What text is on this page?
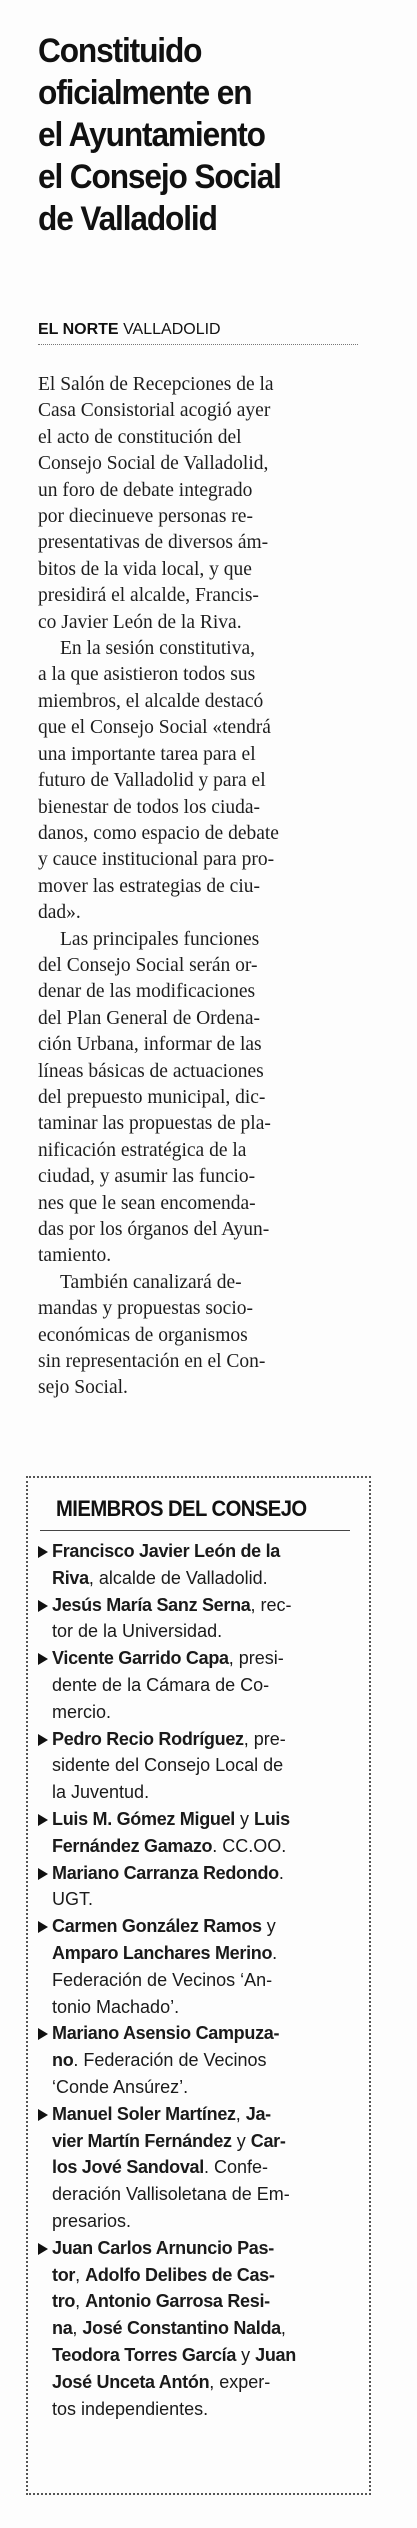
Constituido
oficialmente en
el Ayuntamiento
el Consejo Social
de Valladolid
EL NORTE VALLADOLID
El Salón de Recepciones de la
Casa Consistorial acogió ayer
el acto de constitución del
Consejo Social de Valladolid,
un foro de debate integrado
por diecinueve personas re-
presentativas de diversos ám-
bitos de la vida local, y que
presidirá el alcalde, Francis-
co Javier León de la Riva.
En la sesión constitutiva,
a la que asistieron todos sus
miembros, el alcalde destacó
que el Consejo Social «tendrá
una importante tarea para el
futuro de Valladolid y para el
bienestar de todos los ciuda-
danos, como espacio de debate
y cauce institucional para pro-
mover las estrategias de ciu-
dad».
Las principales funciones
del Consejo Social serán or-
denar de las modificaciones
del Plan General de Ordena-
ción Urbana, informar de las
líneas básicas de actuaciones
del prepuesto municipal, dic-
taminar las propuestas de pla-
nificación estratégica de la
ciudad, y asumir las funcio-
nes que le sean encomenda-
das por los órganos del Ayun-
tamiento.
También canalizará de-
mandas y propuestas socio-
económicas de organismos
sin representación en el Con-
sejo Social.
MIEMBROS DEL CONSEJO
Francisco Javier León de la
Riva, alcalde de Valladolid.
Jesús María Sanz Serna, rec-
tor de la Universidad.
Vicente Garrido Capa, presi-
dente de la Cámara de Co-
mercio.
Pedro Recio Rodríguez, pre-
sidente del Consejo Local de
la Juventud.
Luis M. Gómez Miguel y Luis
Fernández Gamazo. CC.OO.
Mariano Carranza Redondo.
UGT.
Carmen González Ramos y
Amparo Lanchares Merino.
Federación de Vecinos ‘An-
tonio Machado’.
Mariano Asensio Campuza-
no. Federación de Vecinos
‘Conde Ansúrez’.
Manuel Soler Martínez, Ja-
vier Martín Fernández y Car-
los Jové Sandoval. Confe-
deración Vallisoletana de Em-
presarios.
Juan Carlos Arnuncio Pas-
tor, Adolfo Delibes de Cas-
tro, Antonio Garrosa Resi-
na, José Constantino Nalda,
Teodora Torres García y Juan
José Unceta Antón, exper-
tos independientes.
